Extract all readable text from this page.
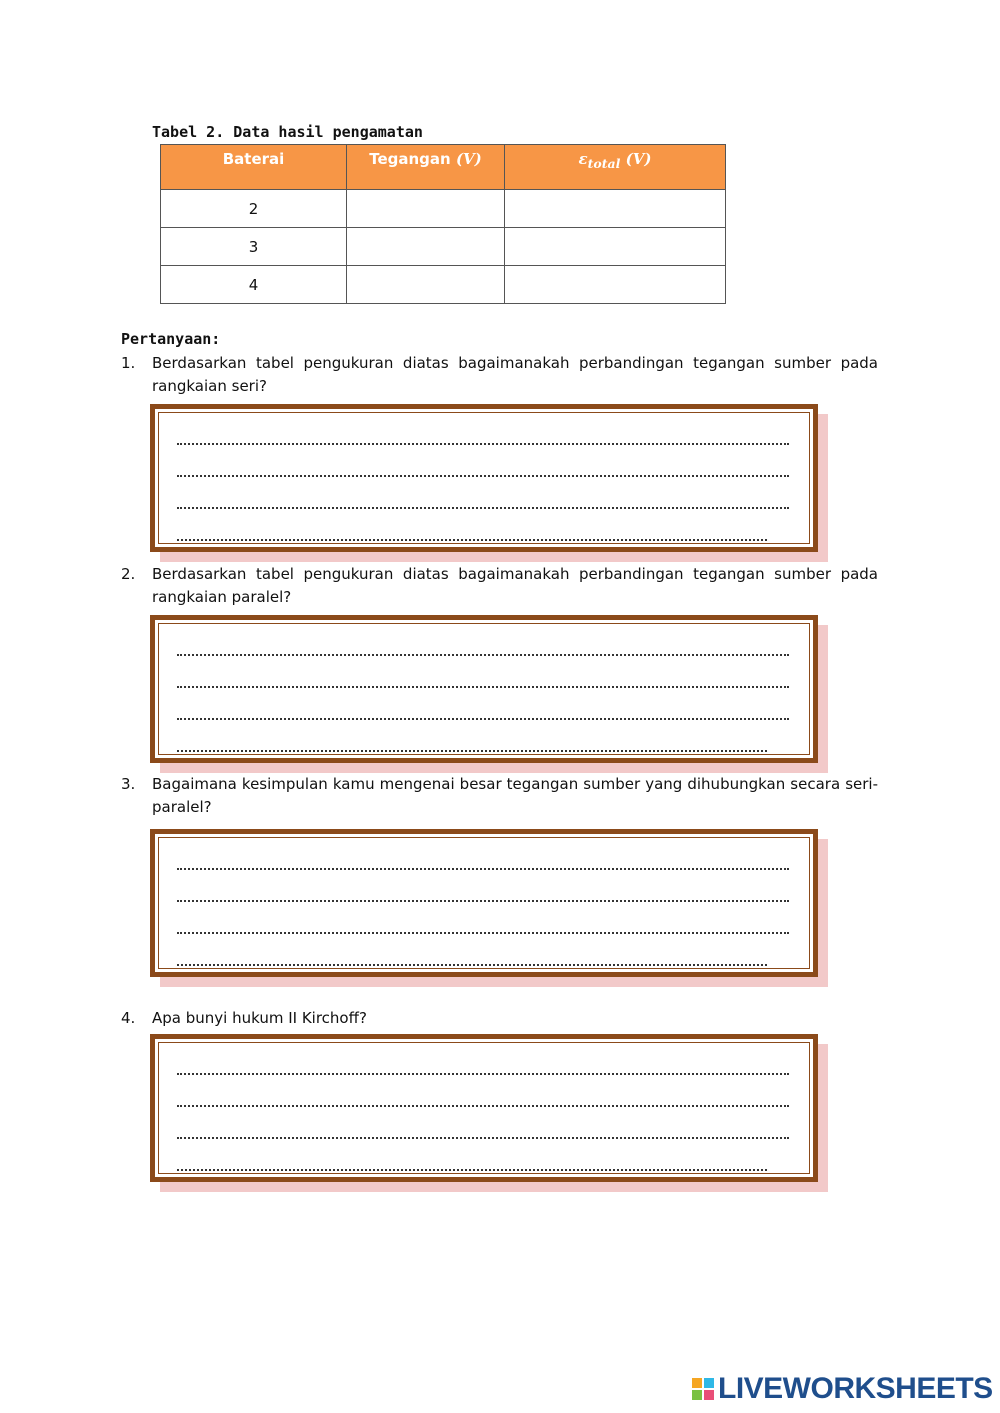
Tabel 2. Data hasil pengamatan
Baterai	Tegangan (V)	$\varepsilon_{total}$ (V)
2		
3		
4		
Pertanyaan:
1. Berdasarkan tabel pengukuran diatas bagaimanakah perbandingan tegangan sumber pada rangkaian seri?
2. Berdasarkan tabel pengukuran diatas bagaimanakah perbandingan tegangan sumber pada rangkaian paralel?
3. Bagaimana kesimpulan kamu mengenai besar tegangan sumber yang dihubungkan secara seri-paralel?
4. Apa bunyi hukum II Kirchoff?
LIVEWORKSHEETS
